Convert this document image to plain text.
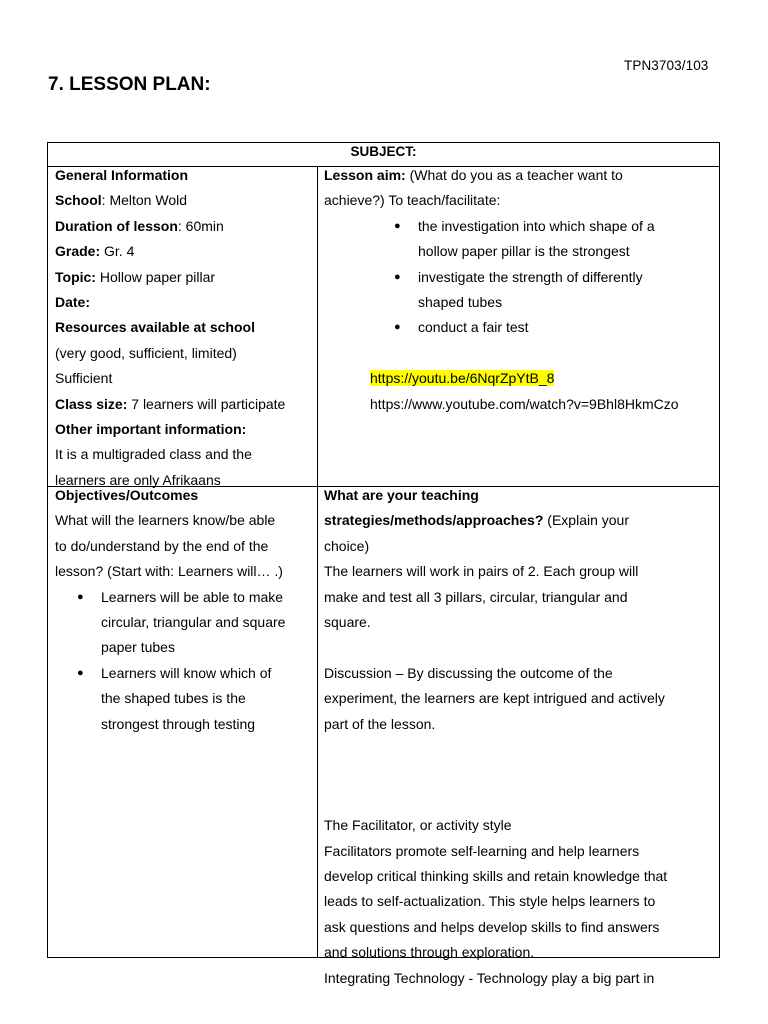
TPN3703/103
7. LESSON PLAN:
SUBJECT:
General Information
School: Melton Wold
Duration of lesson: 60min
Grade: Gr. 4
Topic: Hollow paper pillar
Date:
Resources available at school
(very good, sufficient, limited)
Sufficient
Class size: 7 learners will participate
Other important information:
It is a multigraded class and the
learners are only Afrikaans
Lesson aim: (What do you as a teacher want to
achieve?) To teach/facilitate:
● the investigation into which shape of a
hollow paper pillar is the strongest
● investigate the strength of differently
shaped tubes
● conduct a fair test
https://youtu.be/6NqrZpYtB_8
https://www.youtube.com/watch?v=9Bhl8HkmCzo
Objectives/Outcomes
What will the learners know/be able
to do/understand by the end of the
lesson? (Start with: Learners will… .)
● Learners will be able to make
circular, triangular and square
paper tubes
● Learners will know which of
the shaped tubes is the
strongest through testing
What are your teaching
strategies/methods/approaches? (Explain your
choice)
The learners will work in pairs of 2. Each group will
make and test all 3 pillars, circular, triangular and
square.
Discussion – By discussing the outcome of the
experiment, the learners are kept intrigued and actively
part of the lesson.
The Facilitator, or activity style
Facilitators promote self-learning and help learners
develop critical thinking skills and retain knowledge that
leads to self-actualization. This style helps learners to
ask questions and helps develop skills to find answers
and solutions through exploration.
Integrating Technology - Technology play a big part in
